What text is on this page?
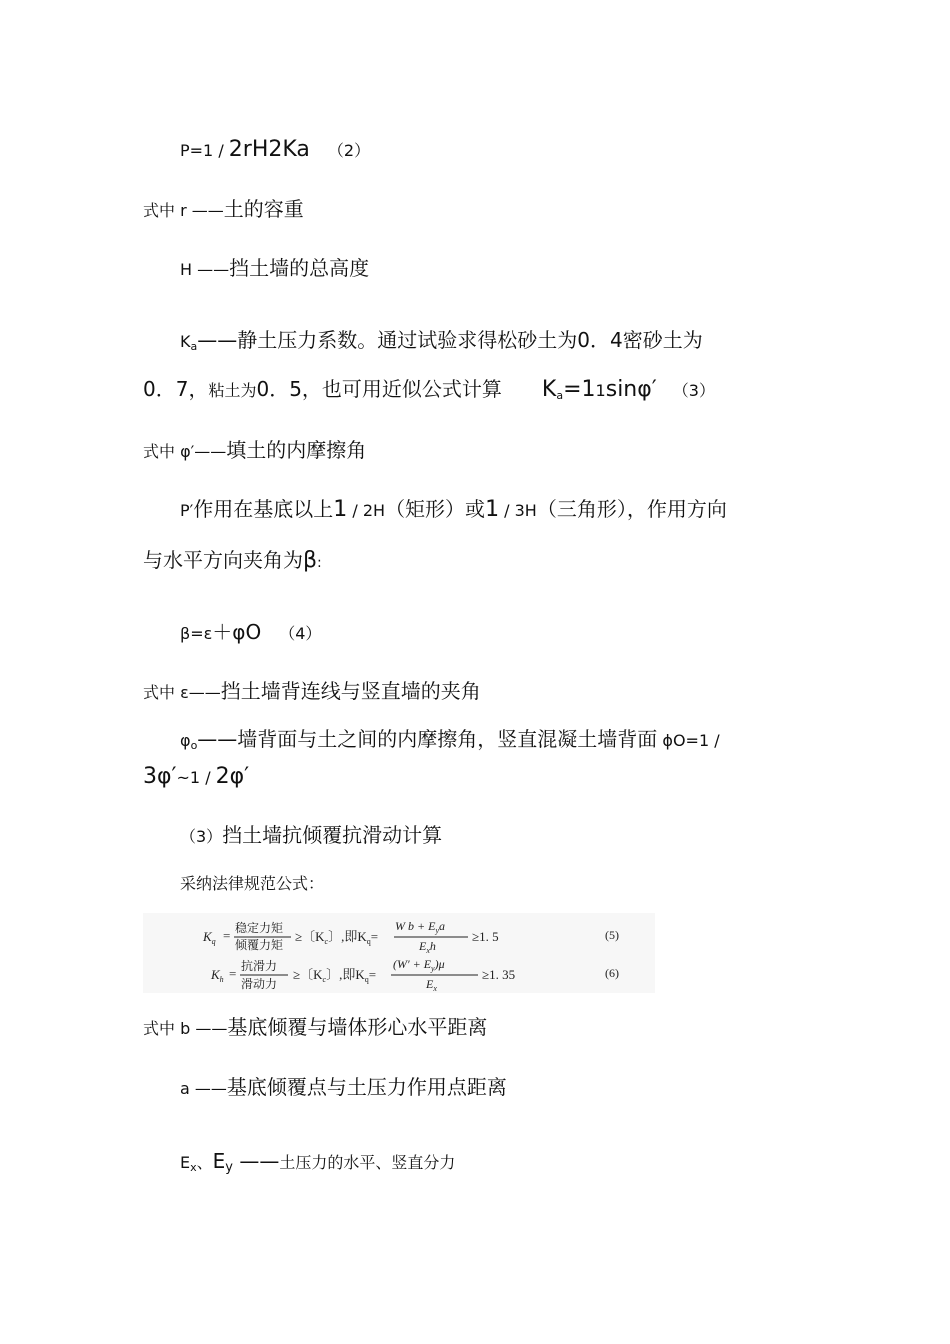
P=1 / 2rH2Ka （2）
式中 r ——土的容重
H ——挡土墙的总高度
$K_a——$静土压力系数。通过试验求得松砂土为0．4密砂土为
0．7，粘土为0．5，也可用近似公式计算 $K_a=11\sin\varphi'$ （3）
式中 φ′——填土的内摩擦角
P′作用在基底以上1 / 2H（矩形）或1 / 3H（三角形），作用方向
与水平方向夹角为β:
β=ε＋φO （4）
式中 ε——挡土墙背连线与竖直墙的夹角
$\varphi_o——$墙背面与土之间的内摩擦角，竖直混凝土墙背面 ϕO=1 /
3φ′~1 / 2φ′
（3）挡土墙抗倾覆抗滑动计算
采纳法律规范公式：
$K_q$ = 稳定力矩
倾覆力矩
≥〔$K_c$〕,即$K_q=$
W $b + E_ya$
$E_xh$
≥1. 5	(5)
$K_h$ = 抗滑力
滑动力
≥〔$K_c$〕,即$K_q=$
$(W' + E_y)\mu$
$E_x$
≥1. 35	(6)
式中 b ——基底倾覆与墙体形心水平距离
a ——基底倾覆点与土压力作用点距离
$E_x$、$E_y$ ——土压力的水平、竖直分力
